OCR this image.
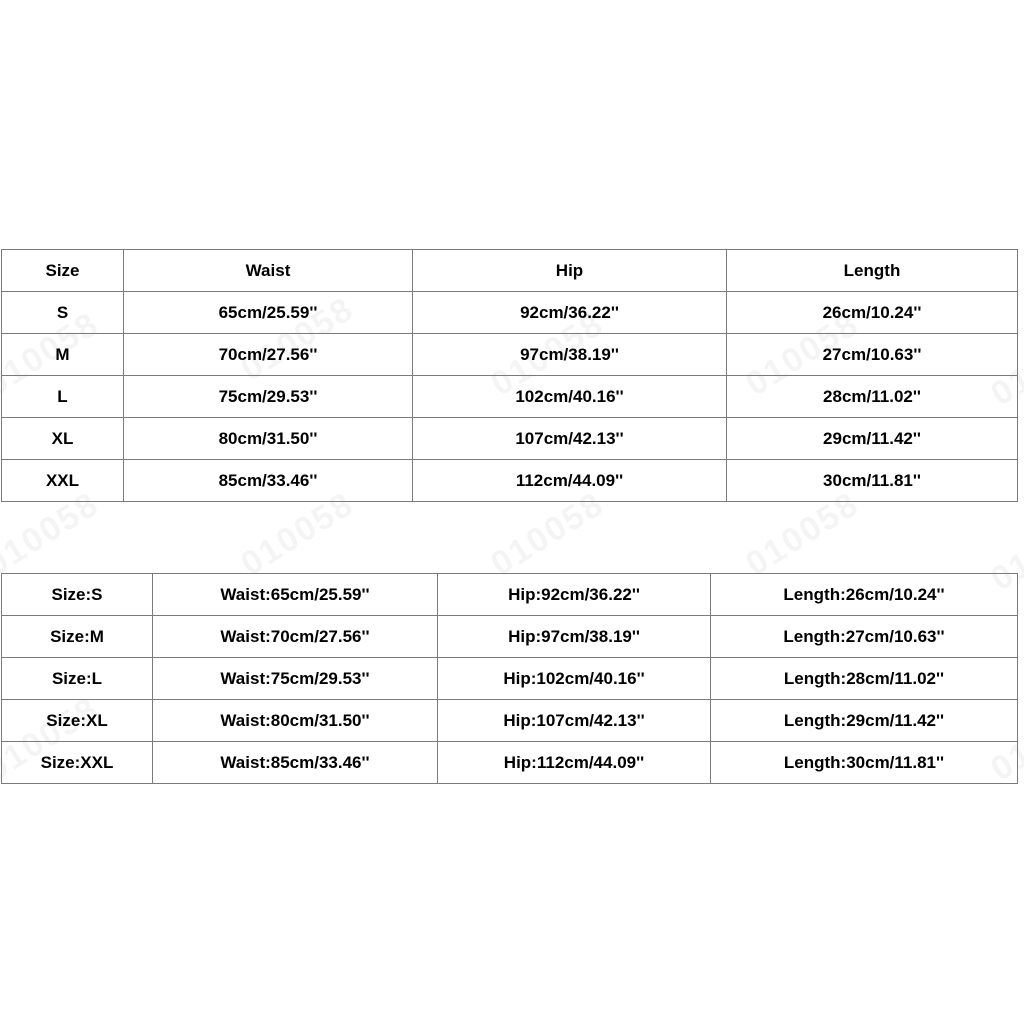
Size	Waist	Hip	Length
S	65cm/25.59''	92cm/36.22''	26cm/10.24''
M	70cm/27.56''	97cm/38.19''	27cm/10.63''
L	75cm/29.53''	102cm/40.16''	28cm/11.02''
XL	80cm/31.50''	107cm/42.13''	29cm/11.42''
XXL	85cm/33.46''	112cm/44.09''	30cm/11.81''
Size:S	Waist:65cm/25.59''	Hip:92cm/36.22''	Length:26cm/10.24''
Size:M	Waist:70cm/27.56''	Hip:97cm/38.19''	Length:27cm/10.63''
Size:L	Waist:75cm/29.53''	Hip:102cm/40.16''	Length:28cm/11.02''
Size:XL	Waist:80cm/31.50''	Hip:107cm/42.13''	Length:29cm/11.42''
Size:XXL	Waist:85cm/33.46''	Hip:112cm/44.09''	Length:30cm/11.81''
